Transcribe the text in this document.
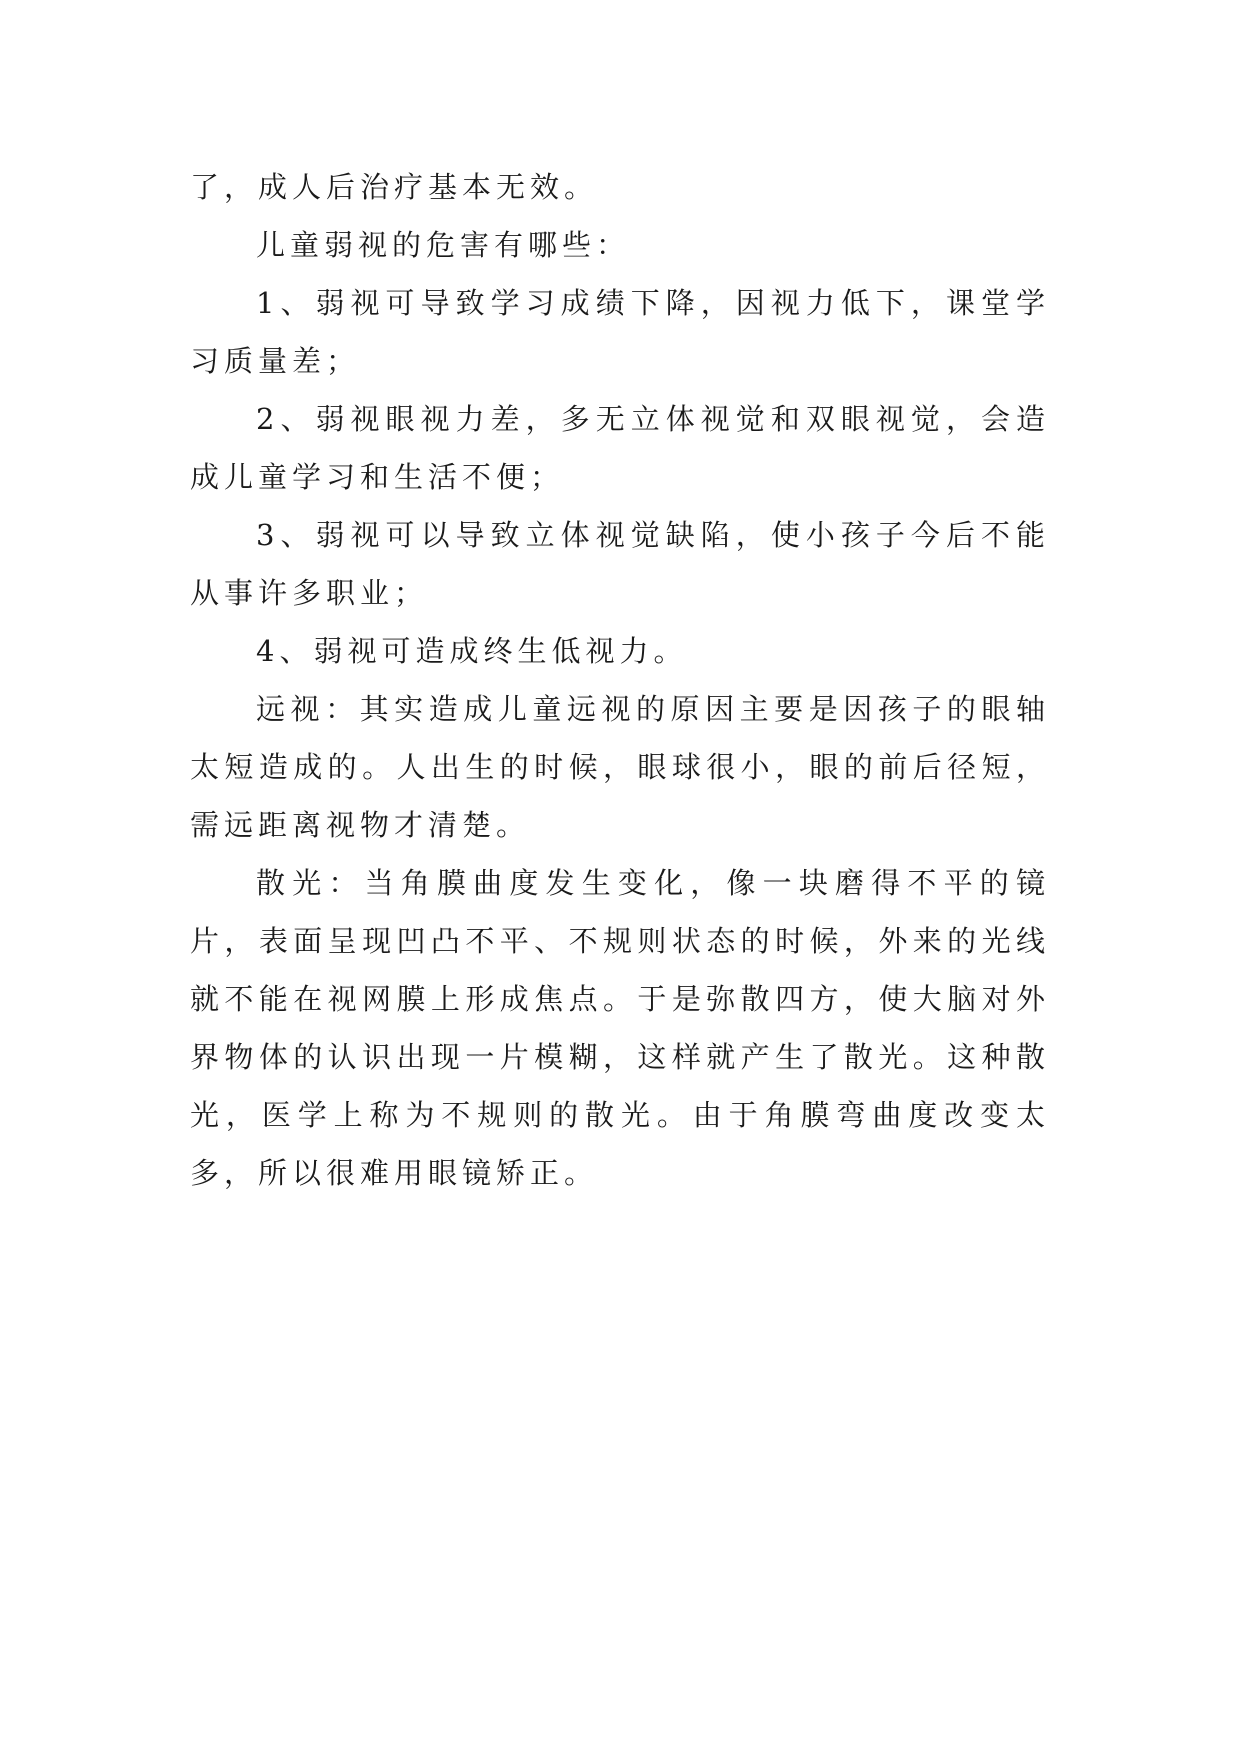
了，成人后治疗基本无效。

儿童弱视的危害有哪些：

1、弱视可导致学习成绩下降，因视力低下，课堂学习质量差；

2、弱视眼视力差，多无立体视觉和双眼视觉，会造成儿童学习和生活不便；

3、弱视可以导致立体视觉缺陷，使小孩子今后不能从事许多职业；

4、弱视可造成终生低视力。

远视：其实造成儿童远视的原因主要是因孩子的眼轴太短造成的。人出生的时候，眼球很小，眼的前后径短，需远距离视物才清楚。

散光：当角膜曲度发生变化，像一块磨得不平的镜片，表面呈现凹凸不平、不规则状态的时候，外来的光线就不能在视网膜上形成焦点。于是弥散四方，使大脑对外界物体的认识出现一片模糊，这样就产生了散光。这种散光，医学上称为不规则的散光。由于角膜弯曲度改变太多，所以很难用眼镜矫正。
